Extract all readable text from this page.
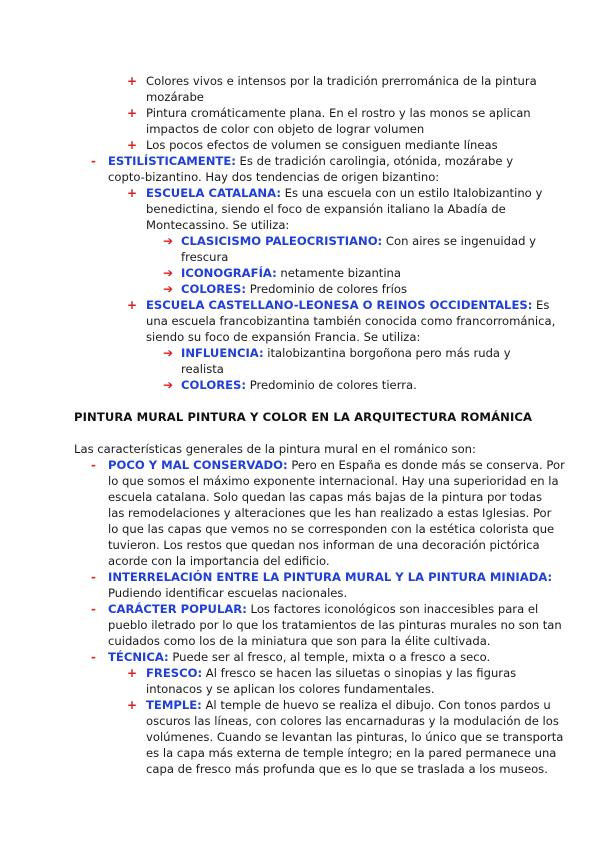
+ Colores vivos e intensos por la tradición prerrománica de la pintura
mozárabe
+ Pintura cromáticamente plana. En el rostro y las monos se aplican
impactos de color con objeto de lograr volumen
+ Los pocos efectos de volumen se consiguen mediante líneas
- ESTILÍSTICAMENTE: Es de tradición carolingia, otónida, mozárabe y
copto-bizantino. Hay dos tendencias de origen bizantino:
+ ESCUELA CATALANA: Es una escuela con un estilo Italobizantino y
benedictina, siendo el foco de expansión italiano la Abadía de
Montecassino. Se utiliza:
➔ CLASICISMO PALEOCRISTIANO: Con aires se ingenuidad y
frescura
➔ ICONOGRAFÍA: netamente bizantina
➔ COLORES: Predominio de colores fríos
+ ESCUELA CASTELLANO-LEONESA O REINOS OCCIDENTALES: Es
una escuela francobizantina también conocida como francorrománica,
siendo su foco de expansión Francia. Se utiliza:
➔ INFLUENCIA: italobizantina borgoñona pero más ruda y
realista
➔ COLORES: Predominio de colores tierra.
PINTURA MURAL PINTURA Y COLOR EN LA ARQUITECTURA ROMÁNICA
Las características generales de la pintura mural en el románico son:
- POCO Y MAL CONSERVADO: Pero en España es donde más se conserva. Por
lo que somos el máximo exponente internacional. Hay una superioridad en la
escuela catalana. Solo quedan las capas más bajas de la pintura por todas
las remodelaciones y alteraciones que les han realizado a estas Iglesias. Por
lo que las capas que vemos no se corresponden con la estética colorista que
tuvieron. Los restos que quedan nos informan de una decoración pictórica
acorde con la importancia del edificio.
- INTERRELACIÓN ENTRE LA PINTURA MURAL Y LA PINTURA MINIADA:
Pudiendo identificar escuelas nacionales.
- CARÁCTER POPULAR: Los factores iconológicos son inaccesibles para el
pueblo iletrado por lo que los tratamientos de las pinturas murales no son tan
cuidados como los de la miniatura que son para la élite cultivada.
- TÉCNICA: Puede ser al fresco, al temple, mixta o a fresco a seco.
+ FRESCO: Al fresco se hacen las siluetas o sinopias y las figuras
intonacos y se aplican los colores fundamentales.
+ TEMPLE: Al temple de huevo se realiza el dibujo. Con tonos pardos u
oscuros las líneas, con colores las encarnaduras y la modulación de los
volúmenes. Cuando se levantan las pinturas, lo único que se transporta
es la capa más externa de temple íntegro; en la pared permanece una
capa de fresco más profunda que es lo que se traslada a los museos.
